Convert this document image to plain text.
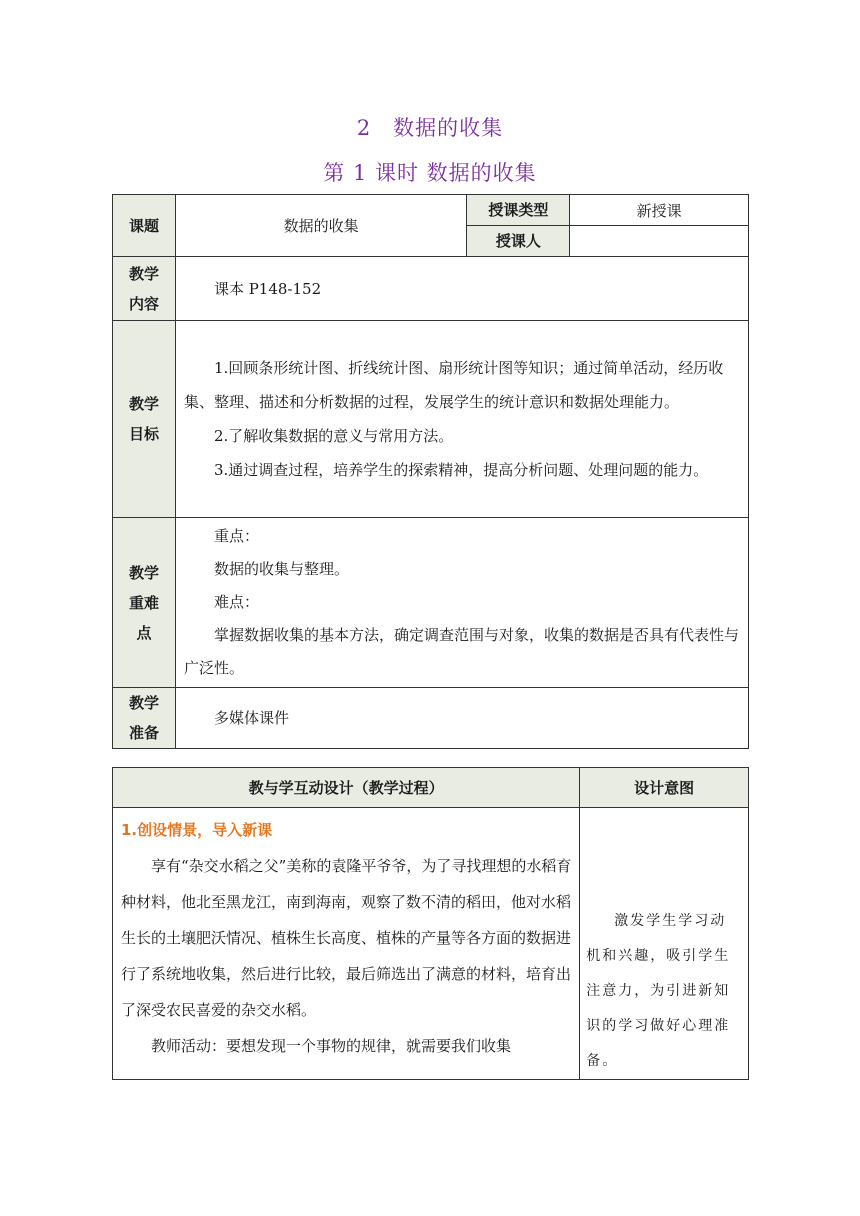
2　数据的收集
第 1 课时 数据的收集
课题	数据的收集	授课类型	新授课
		授课人	
教学内容	课本 P148-152		
教学目标	1.回顾条形统计图、折线统计图、扇形统计图等知识；通过简单活动，经历收集、整理、描述和分析数据的过程，发展学生的统计意识和数据处理能力。

2.了解收集数据的意义与常用方法。

3.通过调查过程，培养学生的探索精神，提高分析问题、处理问题的能力。		

教学重难点	重点：

数据的收集与整理。

难点：

掌握数据收集的基本方法，确定调查范围与对象，收集的数据是否具有代表性与广泛性。		

教学准备	多媒体课件		
教与学互动设计（教学过程）	设计意图

1.创设情景，导入新课

享有“杂交水稻之父”美称的袁隆平爷爷，为了寻找理想的水稻育种材料，他北至黑龙江，南到海南，观察了数不清的稻田，他对水稻生长的土壤肥沃情况、植株生长高度、植株的产量等各方面的数据进行了系统地收集，然后进行比较，最后筛选出了满意的材料，培育出了深受农民喜爱的杂交水稻。

教师活动：要想发现一个事物的规律，就需要我们收集	激发学生学习动机和兴趣，吸引学生注意力，为引进新知识的学习做好心理准备。
